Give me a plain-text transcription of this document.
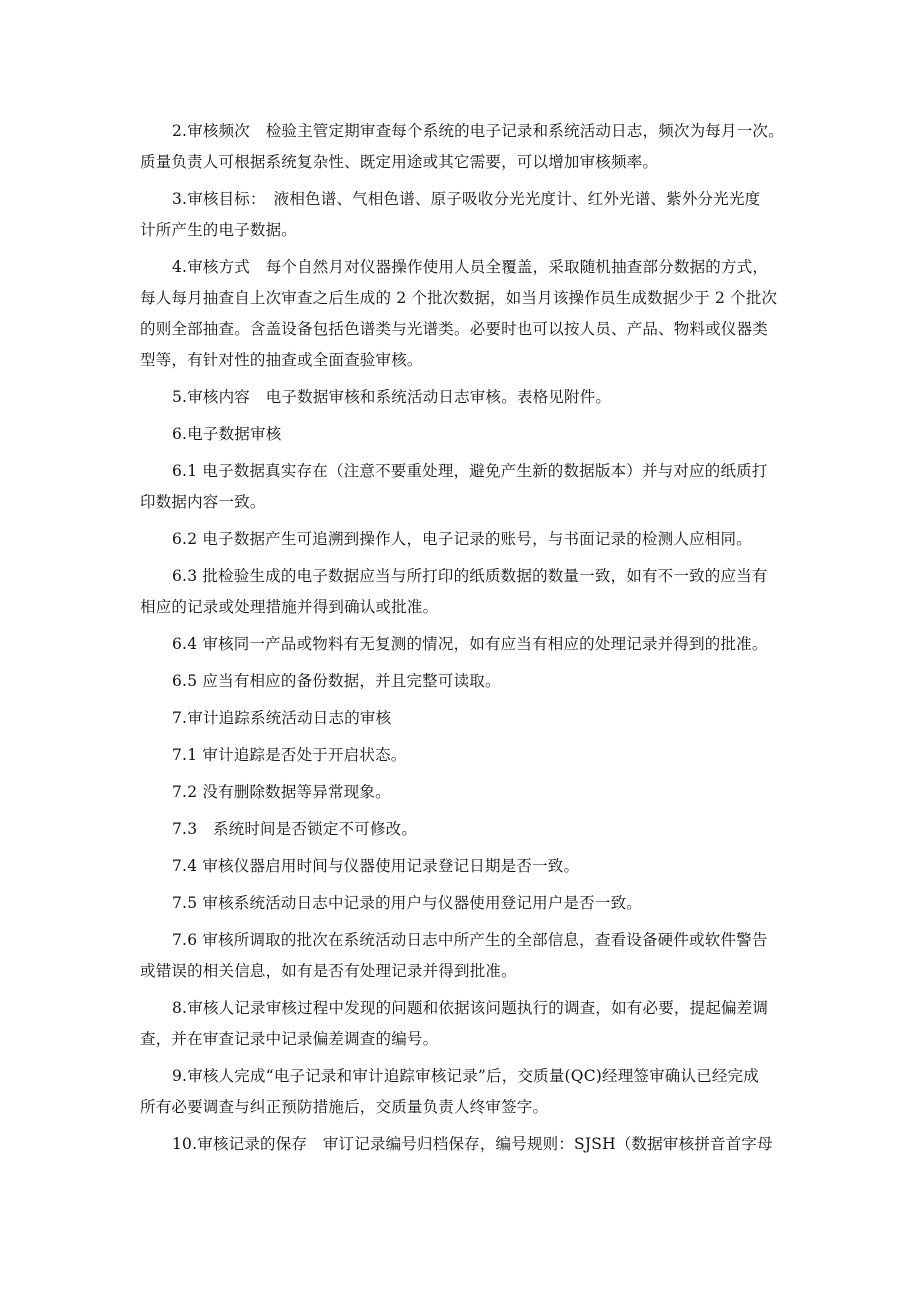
2.审核频次　检验主管定期审查每个系统的电子记录和系统活动日志，频次为每月一次。
质量负责人可根据系统复杂性、既定用途或其它需要，可以增加审核频率。

3.审核目标：　液相色谱、气相色谱、原子吸收分光光度计、红外光谱、紫外分光光度
计所产生的电子数据。

4.审核方式　每个自然月对仪器操作使用人员全覆盖，采取随机抽查部分数据的方式，
每人每月抽查自上次审查之后生成的 2 个批次数据，如当月该操作员生成数据少于 2 个批次
的则全部抽查。含盖设备包括色谱类与光谱类。必要时也可以按人员、产品、物料或仪器类
型等，有针对性的抽查或全面查验审核。

5.审核内容　电子数据审核和系统活动日志审核。表格见附件。

6.电子数据审核

6.1 电子数据真实存在（注意不要重处理，避免产生新的数据版本）并与对应的纸质打
印数据内容一致。

6.2 电子数据产生可追溯到操作人，电子记录的账号，与书面记录的检测人应相同。

6.3 批检验生成的电子数据应当与所打印的纸质数据的数量一致，如有不一致的应当有
相应的记录或处理措施并得到确认或批准。

6.4 审核同一产品或物料有无复测的情况，如有应当有相应的处理记录并得到的批准。

6.5 应当有相应的备份数据，并且完整可读取。

7.审计追踪系统活动日志的审核

7.1 审计追踪是否处于开启状态。

7.2 没有删除数据等异常现象。

7.3　系统时间是否锁定不可修改。

7.4 审核仪器启用时间与仪器使用记录登记日期是否一致。

7.5 审核系统活动日志中记录的用户与仪器使用登记用户是否一致。

7.6 审核所调取的批次在系统活动日志中所产生的全部信息，查看设备硬件或软件警告
或错误的相关信息，如有是否有处理记录并得到批准。

8.审核人记录审核过程中发现的问题和依据该问题执行的调查，如有必要，提起偏差调
查，并在审查记录中记录偏差调查的编号。

9.审核人完成“电子记录和审计追踪审核记录”后，交质量(QC)经理签审确认已经完成
所有必要调查与纠正预防措施后，交质量负责人终审签字。

10.审核记录的保存　审订记录编号归档保存，编号规则：SJSH（数据审核拼音首字母
